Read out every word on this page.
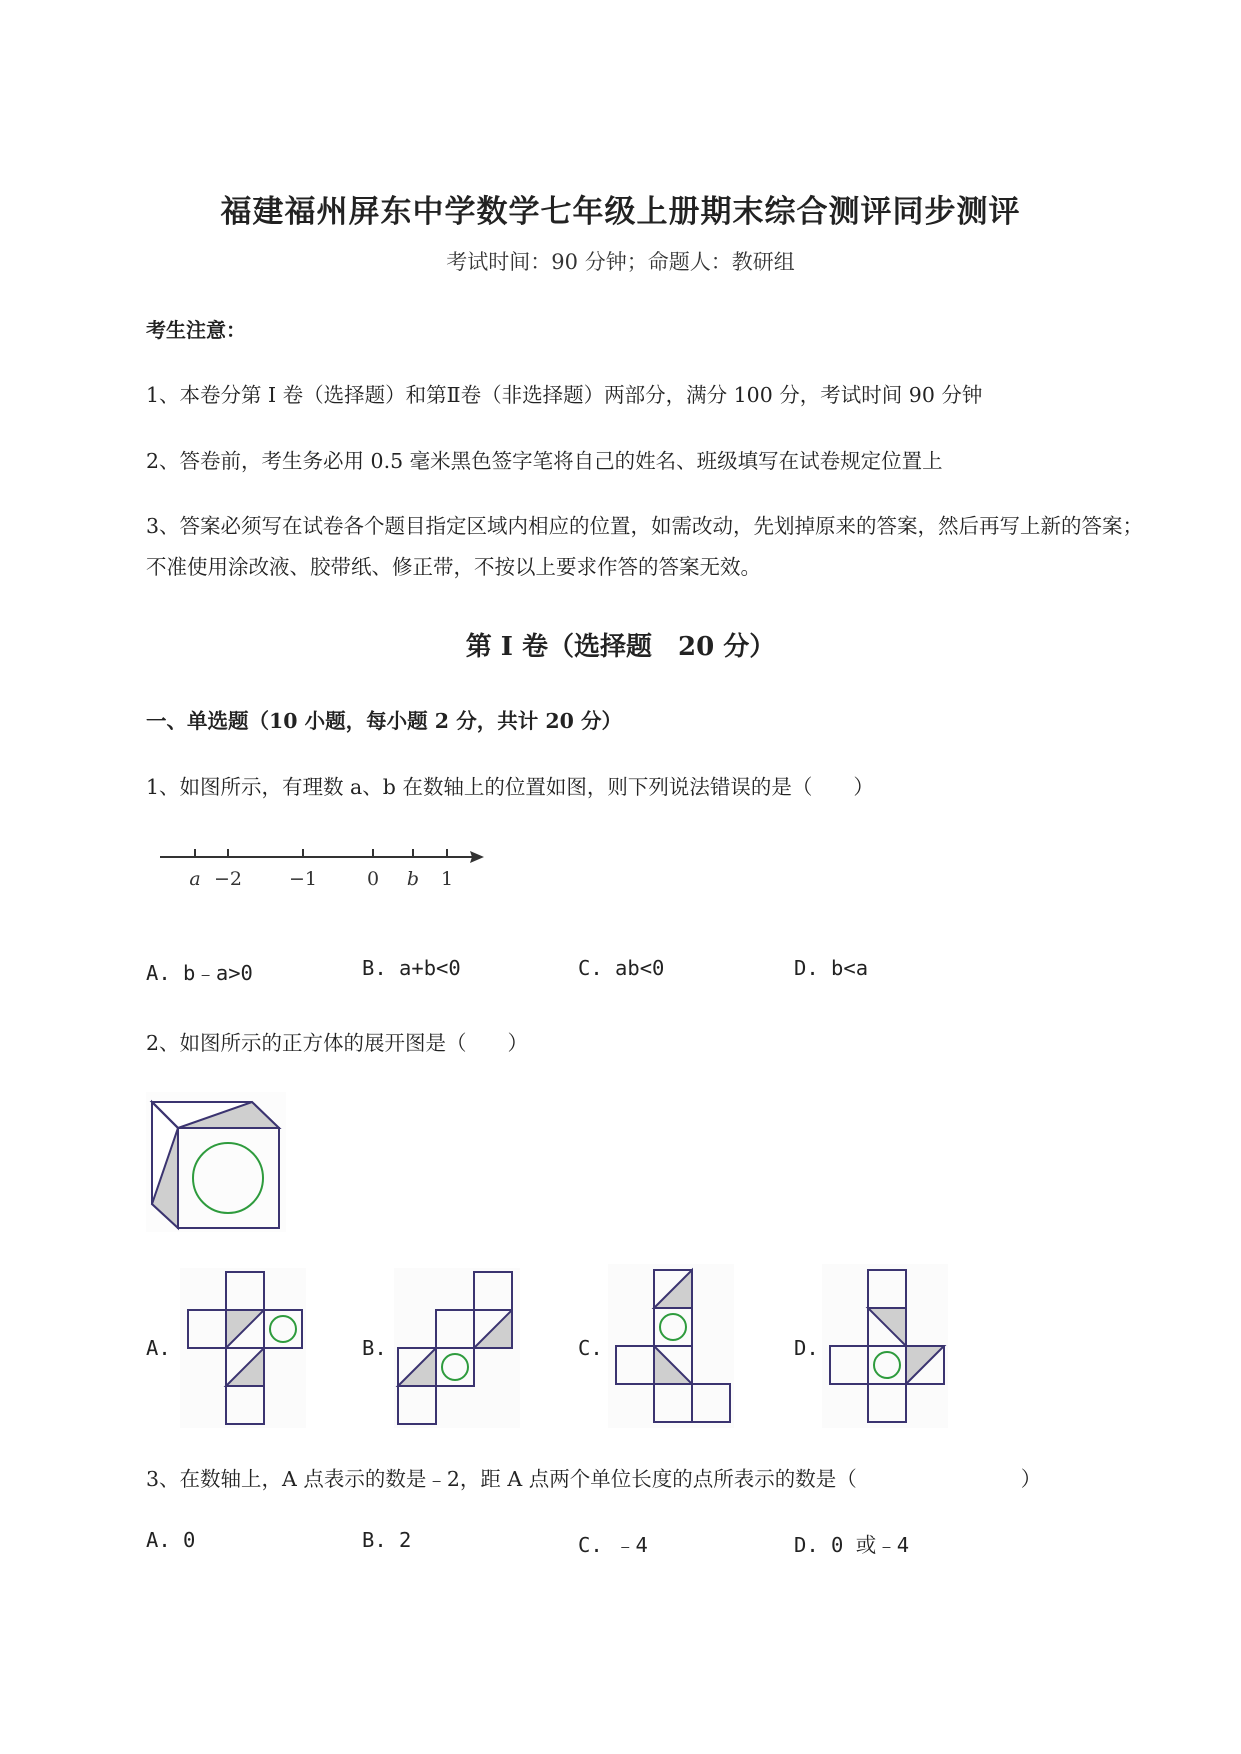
福建福州屏东中学数学七年级上册期末综合测评同步测评
考试时间：90 分钟；命题人：教研组
考生注意：
1、本卷分第 I 卷（选择题）和第Ⅱ卷（非选择题）两部分，满分 100 分，考试时间 90 分钟
2、答卷前，考生务必用 0.5 毫米黑色签字笔将自己的姓名、班级填写在试卷规定位置上
3、答案必须写在试卷各个题目指定区域内相应的位置，如需改动，先划掉原来的答案，然后再写上新的答案；不准使用涂改液、胶带纸、修正带，不按以上要求作答的答案无效。
第 I 卷（选择题　20 分）
一、单选题（10 小题，每小题 2 分，共计 20 分）
1、如图所示，有理数 a、b 在数轴上的位置如图，则下列说法错误的是（　　）
a −2 −1	0 b 1
A. b﹣a>0	B. a+b<0	C. ab<0	D. b<a
2、如图所示的正方体的展开图是（　　）
A.	B.	C.	D.
3、在数轴上，A 点表示的数是﹣2，距 A 点两个单位长度的点所表示的数是（　　　　　　　　）
A. 0	B. 2	C. ﹣4	D. 0 或﹣4
